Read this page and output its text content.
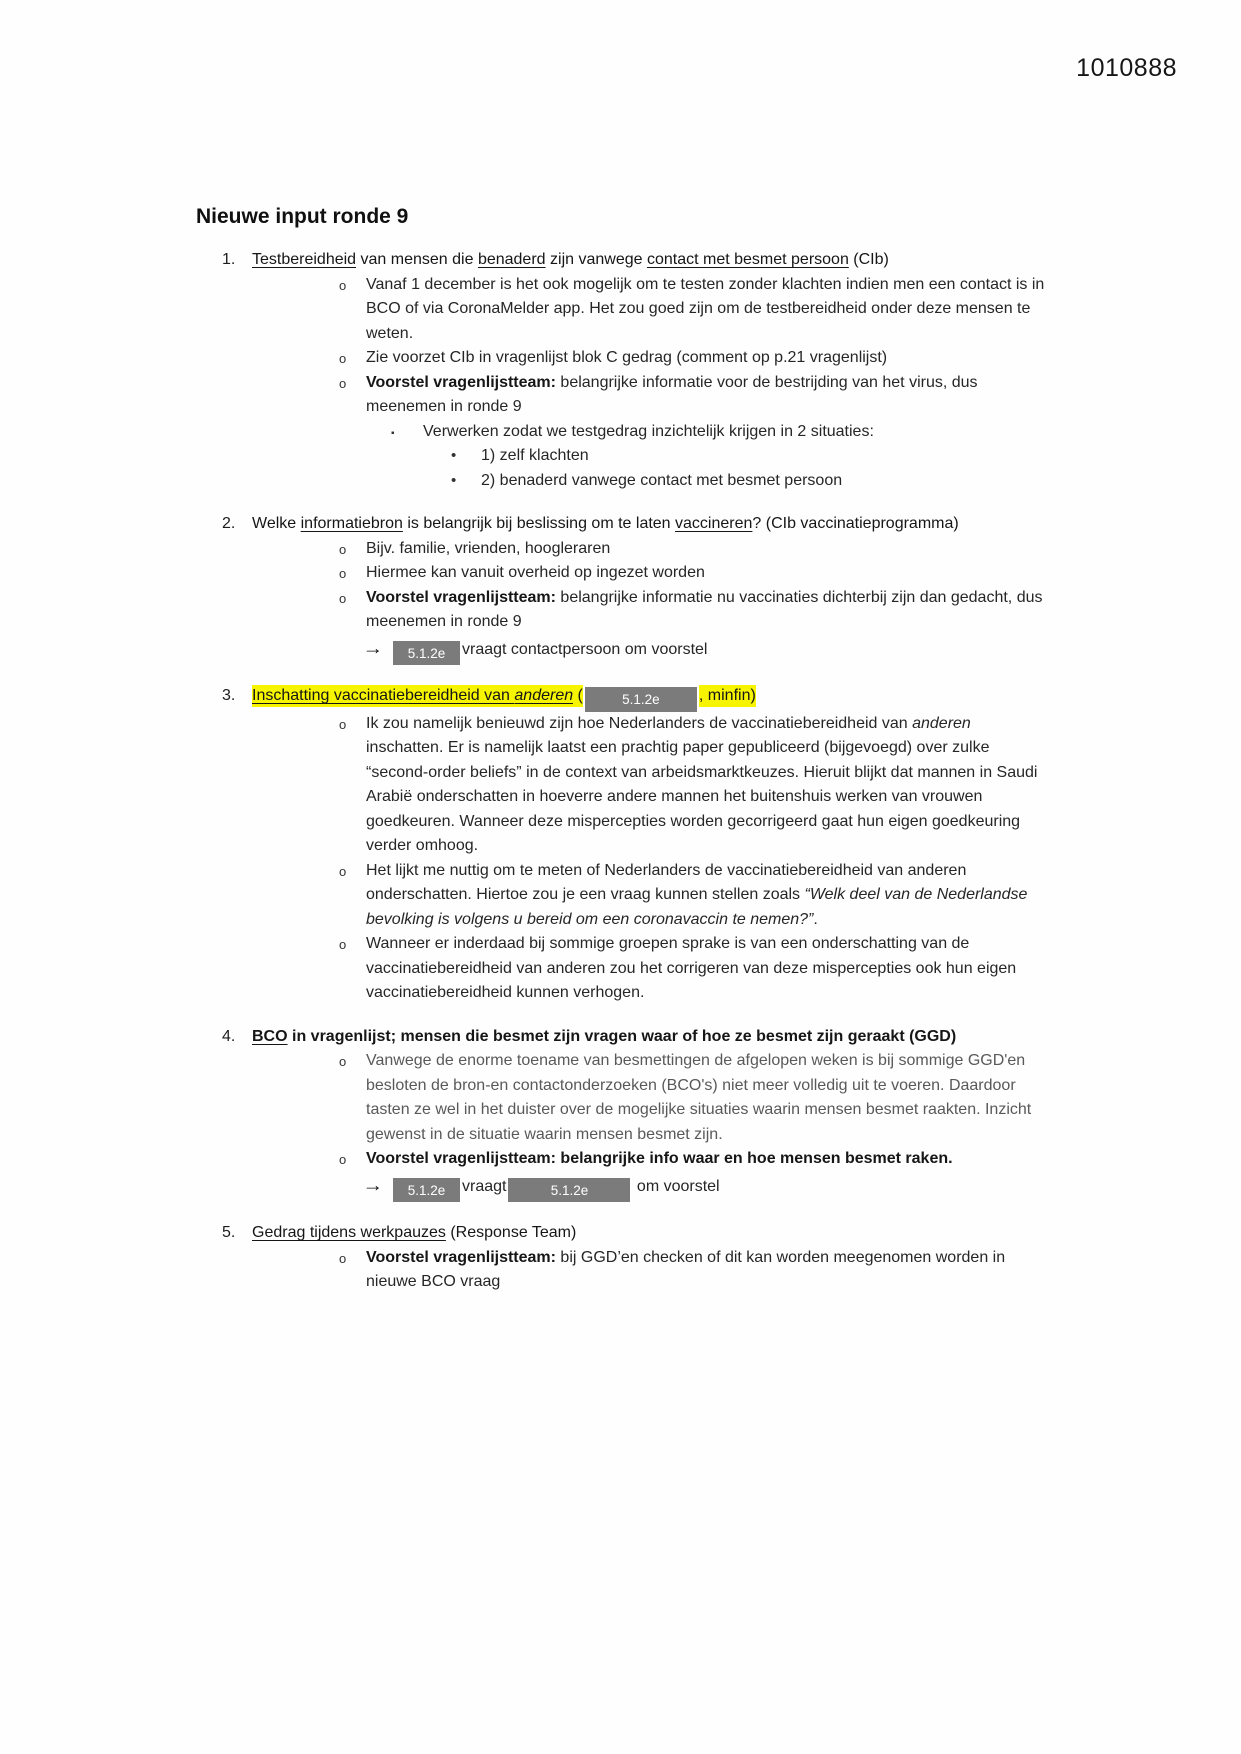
1010888
Nieuwe input ronde 9
1. Testbereidheid van mensen die benaderd zijn vanwege contact met besmet persoon (CIb)
o Vanaf 1 december is het ook mogelijk om te testen zonder klachten indien men een contact is in BCO of via CoronaMelder app. Het zou goed zijn om de testbereidheid onder deze mensen te weten.
o Zie voorzet CIb in vragenlijst blok C gedrag (comment op p.21 vragenlijst)
o Voorstel vragenlijstteam: belangrijke informatie voor de bestrijding van het virus, dus meenemen in ronde 9
▪ Verwerken zodat we testgedrag inzichtelijk krijgen in 2 situaties:
• 1) zelf klachten
• 2) benaderd vanwege contact met besmet persoon
2. Welke informatiebron is belangrijk bij beslissing om te laten vaccineren? (CIb vaccinatieprogramma)
o Bijv. familie, vrienden, hoogleraren
o Hiermee kan vanuit overheid op ingezet worden
o Voorstel vragenlijstteam: belangrijke informatie nu vaccinaties dichterbij zijn dan gedacht, dus meenemen in ronde 9
→ 5.1.2e vraagt contactpersoon om voorstel
3. Inschatting vaccinatiebereidheid van anderen (	5.1.2e , minfin)
o Ik zou namelijk benieuwd zijn hoe Nederlanders de vaccinatiebereidheid van anderen inschatten. Er is namelijk laatst een prachtig paper gepubliceerd (bijgevoegd) over zulke “second-order beliefs” in de context van arbeidsmarktkeuzes. Hieruit blijkt dat mannen in Saudi Arabië onderschatten in hoeverre andere mannen het buitenshuis werken van vrouwen goedkeuren. Wanneer deze mispercepties worden gecorrigeerd gaat hun eigen goedkeuring verder omhoog.
o Het lijkt me nuttig om te meten of Nederlanders de vaccinatiebereidheid van anderen onderschatten. Hiertoe zou je een vraag kunnen stellen zoals “Welk deel van de Nederlandse bevolking is volgens u bereid om een coronavaccin te nemen?”.
o Wanneer er inderdaad bij sommige groepen sprake is van een onderschatting van de vaccinatiebereidheid van anderen zou het corrigeren van deze mispercepties ook hun eigen vaccinatiebereidheid kunnen verhogen.
4. BCO in vragenlijst; mensen die besmet zijn vragen waar of hoe ze besmet zijn geraakt (GGD)
o Vanwege de enorme toename van besmettingen de afgelopen weken is bij sommige GGD'en besloten de bron-en contactonderzoeken (BCO's) niet meer volledig uit te voeren. Daardoor tasten ze wel in het duister over de mogelijke situaties waarin mensen besmet raakten. Inzicht gewenst in de situatie waarin mensen besmet zijn.
o Voorstel vragenlijstteam: belangrijke info waar en hoe mensen besmet raken.
→ 5.1.2e vraagt	5.1.2e	om voorstel
5. Gedrag tijdens werkpauzes (Response Team)
o Voorstel vragenlijstteam: bij GGD’en checken of dit kan worden meegenomen worden in nieuwe BCO vraag
